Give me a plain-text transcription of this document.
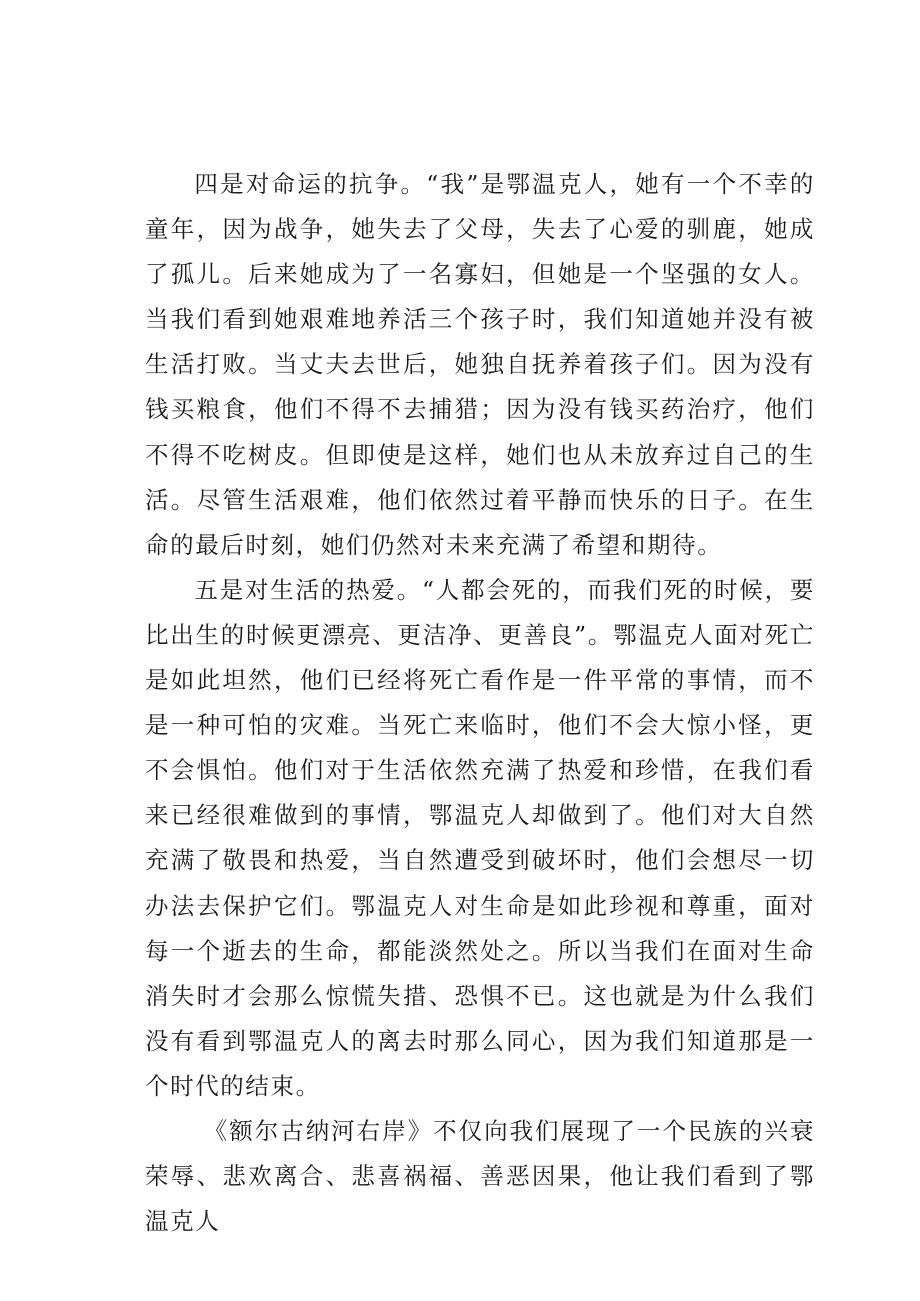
四是对命运的抗争。“我”是鄂温克人，她有一个不幸的童年，因为战争，她失去了父母，失去了心爱的驯鹿，她成了孤儿。后来她成为了一名寡妇，但她是一个坚强的女人。当我们看到她艰难地养活三个孩子时，我们知道她并没有被生活打败。当丈夫去世后，她独自抚养着孩子们。因为没有钱买粮食，他们不得不去捕猎；因为没有钱买药治疗，他们不得不吃树皮。但即使是这样，她们也从未放弃过自己的生活。尽管生活艰难，他们依然过着平静而快乐的日子。在生命的最后时刻，她们仍然对未来充满了希望和期待。

五是对生活的热爱。“人都会死的，而我们死的时候，要比出生的时候更漂亮、更洁净、更善良”。鄂温克人面对死亡是如此坦然，他们已经将死亡看作是一件平常的事情，而不是一种可怕的灾难。当死亡来临时，他们不会大惊小怪，更不会惧怕。他们对于生活依然充满了热爱和珍惜，在我们看来已经很难做到的事情，鄂温克人却做到了。他们对大自然充满了敬畏和热爱，当自然遭受到破坏时，他们会想尽一切办法去保护它们。鄂温克人对生命是如此珍视和尊重，面对每一个逝去的生命，都能淡然处之。所以当我们在面对生命消失时才会那么惊慌失措、恐惧不已。这也就是为什么我们没有看到鄂温克人的离去时那么同心，因为我们知道那是一个时代的结束。

《额尔古纳河右岸》不仅向我们展现了一个民族的兴衰荣辱、悲欢离合、悲喜祸福、善恶因果，他让我们看到了鄂温克人
